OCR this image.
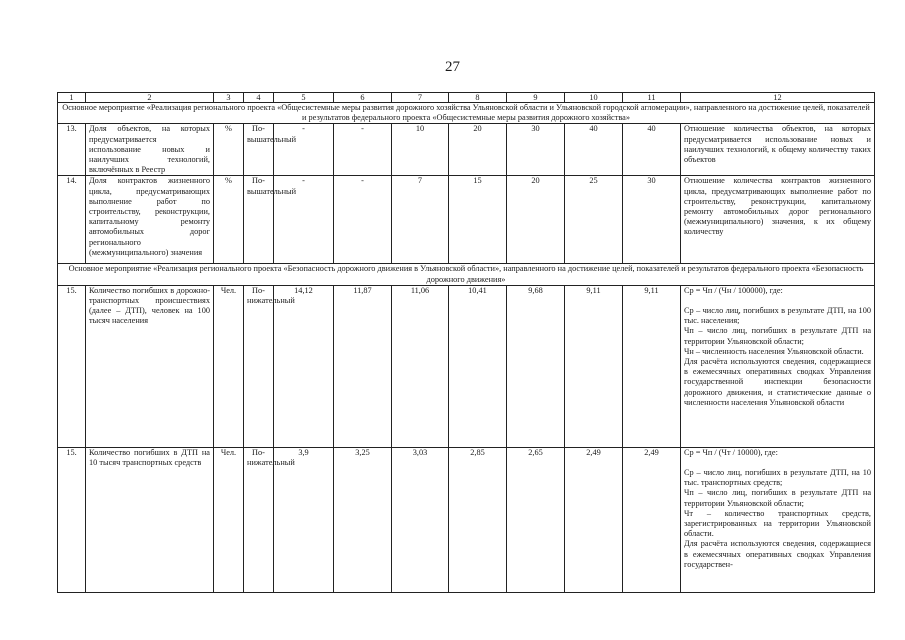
27
1	2	3	4	5	6	7	8	9	10	11	12
Основное мероприятие «Реализация регионального проекта «Общесистемные меры развития дорожного хозяйства Ульяновской области и Ульяновской городской агломерации», направленного на достижение целей, показателей и результатов федерального проекта «Общесистемные меры развития дорожного хозяйства»											
13.	Доля объектов, на которых предусматривается использование новых и наилучших технологий, включённых в Реестр	%	По-вышательный	-	-	10	20	30	40	40	Отношение количества объектов, на которых предусматривается использование новых и наилучших технологий, к общему количеству таких объектов
14.	Доля контрактов жизненного цикла, предусматривающих выполнение работ по строительству, реконструкции, капитальному ремонту автомобильных дорог регионального (межмуниципального) значения	%	По-вышательный	-	-	7	15	20	25	30	Отношение количества контрактов жизненного цикла, предусматривающих выполнение работ по строительству, реконструкции, капитальному ремонту автомобильных дорог регионального (межмуниципального) значения, к их общему количеству
Основное мероприятие «Реализация регионального проекта «Безопасность дорожного движения в Ульяновской области», направленного на достижение целей, показателей и результатов федерального проекта «Безопасность дорожного движения»											
15.	Количество погибших в дорожно-транспортных происшествиях (далее – ДТП), человек на 100 тысяч населения	Чел.	По-нижательный	14,12	11,87	11,06	10,41	9,68	9,11	9,11	Ср = Чп / (Чн / 100000), где:
Ср – число лиц, погибших в результате ДТП, на 100 тыс. населения;
Чп – число лиц, погибших в результате ДТП на территории Ульяновской области;
Чн – численность населения Ульяновской области.
Для расчёта используются сведения, содержащиеся в ежемесячных оперативных сводках Управления государственной инспекции безопасности дорожного движения, и статистические данные о численности населения Ульяновской области

15.	Количество погибших в ДТП на 10 тысяч транспортных средств	Чел.	По-нижательный	3,9	3,25	3,03	2,85	2,65	2,49	2,49	Ср = Чп / (Чт / 10000), где:
Ср – число лиц, погибших в результате ДТП, на 10 тыс. транспортных средств;
Чп – число лиц, погибших в результате ДТП на территории Ульяновской области;
Чт – количество транспортных средств, зарегистрированных на территории Ульяновской области.
Для расчёта используются сведения, содержащиеся в ежемесячных оперативных сводках Управления государствен-
